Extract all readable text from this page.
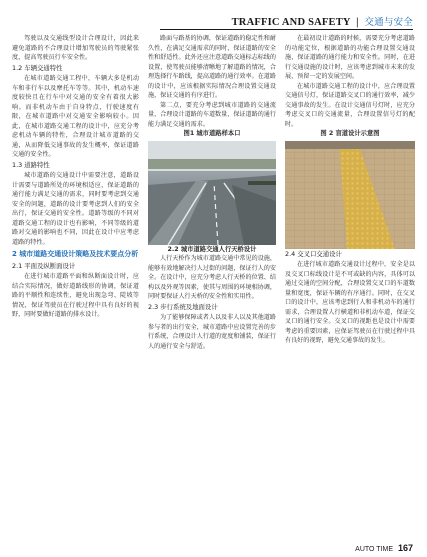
TRAFFIC AND SAFETY | 交通与安全

驾驶以及交通线型设计合理设计，因此来避免道路的不合理设计增加驾驶员的驾驶紧张度，提高驾驶员行车安全性。

1.2 车辆交通特性

在城市道路交通工程中，车辆大多是机动车和非行车以及摩托车等等。其中，机动车速度较快且在行车中对交通的安全有着很大影响。而非机动车由于自身特点，行驶速度有限，在城市道路中对交通安全影响较小。因此，在城市道路交通工程的设计中，应充分考虑机动车辆的特性，合理设计城市道路的交通，从而降低交通事故的发生概率，保证道路交通的安全性。

1.3 道路特性

城市道路的交通设计中需要注意，道路设计需要与道路所处的环境相适应，保证道路的通行能力满足交通的需求，同时要考虑到交通安全的问题，道路的设计要考虑到人们的安全出行，保证交通的安全性。道路等级的不同对道路交通工程的设计也有影响，不同等级的道路对交通的影响也不同，因此在设计中应考虑道路的特性。

2 城市道路交通设计策略及技术要点分析
2.1 平面及纵断面设计

在进行城市道路平面和纵断面设计时，应结合实际情况，做好道路线形的协调，保证道路的平顺性和连续性，避免出现急弯、陡坡等情况，保证驾驶员在行驶过程中具有良好的视野，同时要做好道路的排水设计。

路面与路基的协调，保证道路的稳定性和耐久性，在满足交通需求的同时，保证道路的安全性和舒适性。此外还应注意道路交通标志标线的设置，使驾驶员能够清晰地了解道路的情况，合理选择行车路线，提高道路的通行效率。在道路的设计中，应该根据实际情况合理设置交通设施，保证交通的有序进行。

第二点，要充分考虑到城市道路的交通流量，合理设计道路的车道数量，保证道路的通行能力满足交通的需求。

图1 城市道路样本口

2.2 城市道路交通人行天桥设计

人行天桥作为城市道路交通中常见的设施，能够有效地解决行人过街的问题，保证行人的安全。在设计中，应充分考虑人行天桥的位置、结构以及外观等因素，使其与周围的环境相协调，同时要保证人行天桥的安全性和实用性。

2.3 步行系统及地面设计

为了能够保障或者人以及非人以及其他道路参与者的出行安全，城市道路中应设置完善的步行系统，合理设计人行道的宽度和铺装，保证行人的通行安全与舒适。

在最初设计道路的时候，需要充分考虑道路的功能定位，根据道路的功能合理设置交通设施，保证道路的通行能力和安全性。同时，在进行交通设施的设计时，应该考虑到城市未来的发展，预留一定的发展空间。

在城市道路交通工程的设计中，应合理设置交通信号灯，保证道路交叉口的通行效率，减少交通事故的发生。在设计交通信号灯时，应充分考虑交叉口的交通流量，合理设置信号灯的配时。

图 2 盲道设计示意图

2.4 交叉口交通设计

在进行城市道路交通设计过程中，安全是以及交叉口标线设计是不可或缺的内容，具体可以通过交通的空间分配，合理设置交叉口的车道数量和宽度，保证车辆的有序通行。同时，在交叉口的设计中，应该考虑到行人和非机动车的通行需求，合理设置人行横道和非机动车道，保证交叉口的通行安全。交叉口的视距也是设计中需要考虑的重要因素，应保证驾驶员在行驶过程中具有良好的视野，避免交通事故的发生。

AUTO TIME 167
